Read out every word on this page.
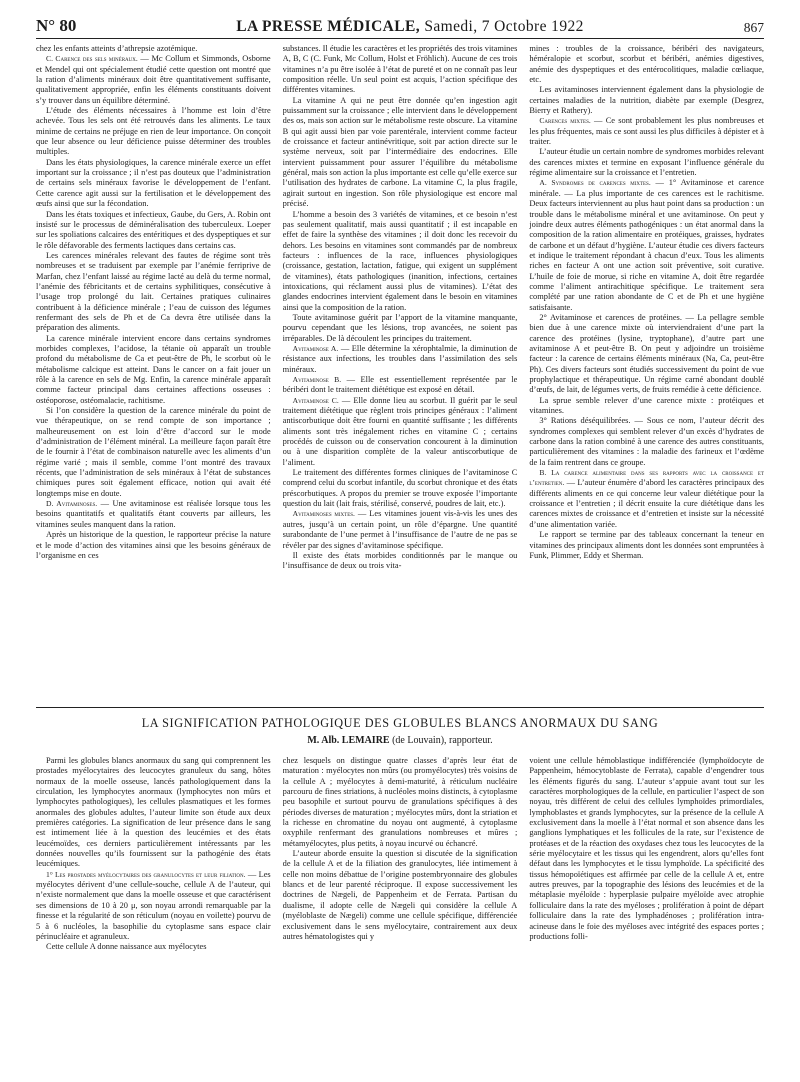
N° 80	LA PRESSE MÉDICALE, Samedi, 7 Octobre 1922	867

chez les enfants atteints d’athrepsie azotémique.

C. Carence des sels minéraux. — Mc Collum et Simmonds, Osborne et Mendel qui ont spécialement étudié cette question ont montré que la ration d’aliments minéraux doit être quantitativement suffisante, qualitativement appropriée, enfin les éléments constituants doivent s’y trouver dans un équilibre déterminé.

L’étude des éléments nécessaires à l’homme est loin d’être achevée. Tous les sels ont été retrouvés dans les aliments. Le taux minime de certains ne préjuge en rien de leur importance. On conçoit que leur absence ou leur déficience puisse déterminer des troubles multiples.

Dans les états physiologiques, la carence minérale exerce un effet important sur la croissance ; il n’est pas douteux que l’administration de certains sels minéraux favorise le développement de l’enfant. Cette carence agit aussi sur la fertilisation et le développement des œufs ainsi que sur la fécondation.

Dans les états toxiques et infectieux, Gaube, du Gers, A. Robin ont insisté sur le processus de déminéralisation des tuberculeux. Loeper sur les spoliations calcaires des entéritiques et des dyspeptiques et sur le rôle défavorable des ferments lactiques dans certains cas.

Les carences minérales relevant des fautes de régime sont très nombreuses et se traduisent par exemple par l’anémie ferriprive de Marfan, chez l’enfant laissé au régime lacté au delà du terme normal, l’anémie des fébricitants et de certains syphilitiques, consécutive à l’usage trop prolongé du lait. Certaines pratiques culinaires contribuent à la déficience minérale ; l’eau de cuisson des légumes renfermant des sels de Ph et de Ca devra être utilisée dans la préparation des aliments.

La carence minérale intervient encore dans certains syndromes morbides complexes, l’acidose, la tétanie où apparaît un trouble profond du métabolisme de Ca et peut-être de Ph, le scorbut où le métabolisme calcique est atteint. Dans le cancer on a fait jouer un rôle à la carence en sels de Mg. Enfin, la carence minérale apparaît comme facteur principal dans certaines affections osseuses : ostéoporose, ostéomalacie, rachitisme.

Si l’on considère la question de la carence minérale du point de vue thérapeutique, on se rend compte de son importance ; malheureusement on est loin d’être d’accord sur le mode d’administration de l’élément minéral. La meilleure façon paraît être de le fournir à l’état de combinaison naturelle avec les aliments d’un régime varié ; mais il semble, comme l’ont montré des travaux récents, que l’administration de sels minéraux à l’état de substances chimiques pures soit également efficace, notion qui avait été longtemps mise en doute.

D. Avitaminoses. — Une avitaminose est réalisée lorsque tous les besoins quantitatifs et qualitatifs étant couverts par ailleurs, les vitamines seules manquent dans la ration.

Après un historique de la question, le rapporteur précise la nature et le mode d’action des vitamines ainsi que les besoins généraux de l’organisme en ces

substances. Il étudie les caractères et les propriétés des trois vitamines A, B, C (C. Funk, Mc Collum, Holst et Fröhlich). Aucune de ces trois vitamines n’a pu être isolée à l’état de pureté et on ne connaît pas leur composition réelle. Un seul point est acquis, l’action spécifique des différentes vitamines.

La vitamine A qui ne peut être donnée qu’en ingestion agit puissamment sur la croissance ; elle intervient dans le développement des os, mais son action sur le métabolisme reste obscure. La vitamine B qui agit aussi bien par voie parentérale, intervient comme facteur de croissance et facteur antinévritique, soit par action directe sur le système nerveux, soit par l’intermédiaire des endocrines. Elle intervient puissamment pour assurer l’équilibre du métabolisme général, mais son action la plus importante est celle qu’elle exerce sur l’utilisation des hydrates de carbone. La vitamine C, la plus fragile, agirait surtout en ingestion. Son rôle physiologique est encore mal précisé.

L’homme a besoin des 3 variétés de vitamines, et ce besoin n’est pas seulement qualitatif, mais aussi quantitatif ; il est incapable en effet de faire la synthèse des vitamines ; il doit donc les recevoir du dehors. Les besoins en vitamines sont commandés par de nombreux facteurs : influences de la race, influences physiologiques (croissance, gestation, lactation, fatigue, qui exigent un supplément de vitamines), états pathologiques (inanition, infections, certaines intoxications, qui réclament aussi plus de vitamines). L’état des glandes endocrines intervient également dans le besoin en vitamines ainsi que la composition de la ration.

Toute avitaminose guérit par l’apport de la vitamine manquante, pourvu cependant que les lésions, trop avancées, ne soient pas irréparables. De là découlent les principes du traitement.

Avitaminose A. — Elle détermine la xérophtalmie, la diminution de résistance aux infections, les troubles dans l’assimilation des sels minéraux.

Avitaminose B. — Elle est essentiellement représentée par le béribéri dont le traitement diététique est exposé en détail.

Avitaminose C. — Elle donne lieu au scorbut. Il guérit par le seul traitement diététique que règlent trois principes généraux : l’aliment antiscorbutique doit être fourni en quantité suffisante ; les différents aliments sont très inégalement riches en vitamine C ; certains procédés de cuisson ou de conservation concourent à la diminution ou à une disparition complète de la valeur antiscorbutique de l’aliment.

Le traitement des différentes formes cliniques de l’avitaminose C comprend celui du scorbut infantile, du scorbut chronique et des états préscorbutiques. A propos du premier se trouve exposée l’importante question du lait (lait frais, stérilisé, conservé, poudres de lait, etc.).

Avitaminoses mixtes. — Les vitamines jouent vis-à-vis les unes des autres, jusqu’à un certain point, un rôle d’épargne. Une quantité surabondante de l’une permet à l’insuffisance de l’autre de ne pas se révéler par des signes d’avitaminose spécifique.

Il existe des états morbides conditionnés par le manque ou l’insuffisance de deux ou trois vita-

mines : troubles de la croissance, béribéri des navigateurs, héméralopie et scorbut, scorbut et béribéri, anémies digestives, anémie des dyspeptiques et des entérocolitiques, maladie cœliaque, etc.

Les avitaminoses interviennent également dans la physiologie de certaines maladies de la nutrition, diabète par exemple (Desgrez, Bierry et Rathery).

Carences mixtes. — Ce sont probablement les plus nombreuses et les plus fréquentes, mais ce sont aussi les plus difficiles à dépister et à traiter.

L’auteur étudie un certain nombre de syndromes morbides relevant des carences mixtes et termine en exposant l’influence générale du régime alimentaire sur la croissance et l’entretien.

A. Syndromes de carences mixtes. — 1° Avitaminose et carence minérale. — La plus importante de ces carences est le rachitisme. Deux facteurs interviennent au plus haut point dans sa production : un trouble dans le métabolisme minéral et une avitaminose. On peut y joindre deux autres éléments pathogéniques : un état anormal dans la composition de la ration alimentaire en protéiques, graisses, hydrates de carbone et un défaut d’hygiène. L’auteur étudie ces divers facteurs et indique le traitement répondant à chacun d’eux. Tous les aliments riches en facteur A ont une action soit préventive, soit curative. L’huile de foie de morue, si riche en vitamine A, doit être regardée comme l’aliment antirachitique spécifique. Le traitement sera complété par une ration abondante de C et de Ph et une hygiène satisfaisante.

2° Avitaminose et carences de protéines. — La pellagre semble bien due à une carence mixte où interviendraient d’une part la carence des protéines (lysine, tryptophane), d’autre part une avitaminose A et peut-être B. On peut y adjoindre un troisième facteur : la carence de certains éléments minéraux (Na, Ca, peut-être Ph). Ces divers facteurs sont étudiés successivement du point de vue prophylactique et thérapeutique. Un régime carné abondant doublé d’œufs, de lait, de légumes verts, de fruits remédie à cette déficience.

La sprue semble relever d’une carence mixte : protéiques et vitamines.

3° Rations déséquilibrées. — Sous ce nom, l’auteur décrit des syndromes complexes qui semblent relever d’un excès d’hydrates de carbone dans la ration combiné à une carence des autres constituants, particulièrement des vitamines : la maladie des farineux et l’œdème de la faim rentrent dans ce groupe.

B. La carence alimentaire dans ses rapports avec la croissance et l’entretien. — L’auteur énumère d’abord les caractères principaux des différents aliments en ce qui concerne leur valeur diététique pour la croissance et l’entretien ; il décrit ensuite la cure diététique dans les carences mixtes de croissance et d’entretien et insiste sur la nécessité d’une alimentation variée.

Le rapport se termine par des tableaux concernant la teneur en vitamines des principaux aliments dont les données sont empruntées à Funk, Plimmer, Eddy et Sherman.

LA SIGNIFICATION PATHOLOGIQUE DES GLOBULES BLANCS ANORMAUX DU SANG
M. Alb. LEMAIRE (de Louvain), rapporteur.

Parmi les globules blancs anormaux du sang qui comprennent les prostades myélocytaires des leucocytes granuleux du sang, hôtes normaux de la moelle osseuse, lancés pathologiquement dans la circulation, les lymphocytes anormaux (lymphocytes non mûrs et lymphocytes pathologiques), les cellules plasmatiques et les formes anormales des globules adultes, l’auteur limite son étude aux deux premières catégories. La signification de leur présence dans le sang est intimement liée à la question des leucémies et des états leucémoïdes, ces derniers particulièrement intéressants par les données nouvelles qu’ils fournissent sur la pathogénie des états leucémiques.

1° Les prostades myélocytaires des granulocytes et leur filiation. — Les myélocytes dérivent d’une cellule-souche, cellule A de l’auteur, qui n’existe normalement que dans la moelle osseuse et que caractérisent ses dimensions de 10 à 20 μ, son noyau arrondi remarquable par la finesse et la régularité de son réticulum (noyau en voilette) pourvu de 5 à 6 nucléoles, la basophilie du cytoplasme sans espace clair périnucléaire et agranuleux.

Cette cellule A donne naissance aux myélocytes

chez lesquels on distingue quatre classes d’après leur état de maturation : myélocytes non mûrs (ou promyélocytes) très voisins de la cellule A ; myélocytes à demi-maturité, à réticulum nucléaire parcouru de fines striations, à nucléoles moins distincts, à cytoplasme peu basophile et surtout pourvu de granulations spécifiques à des périodes diverses de maturation ; myélocytes mûrs, dont la striation et la richesse en chromatine du noyau ont augmenté, à cytoplasme oxyphile renfermant des granulations nombreuses et mûres ; métamyélocytes, plus petits, à noyau incurvé ou échancré.

L’auteur aborde ensuite la question si discutée de la signification de la cellule A et de la filiation des granulocytes, liée intimement à celle non moins débattue de l’origine postembryonnaire des globules blancs et de leur parenté réciproque. Il expose successivement les doctrines de Nægeli, de Pappenheim et de Ferrata. Partisan du dualisme, il adopte celle de Nægeli qui considère la cellule A (myéloblaste de Nægeli) comme une cellule spécifique, différenciée exclusivement dans le sens myélocytaire, contrairement aux deux autres hématologistes qui y

voient une cellule hémoblastique indifférenciée (lymphoïdocyte de Pappenheim, hémocytoblaste de Ferrata), capable d’engendrer tous les éléments figurés du sang. L’auteur s’appuie avant tout sur les caractères morphologiques de la cellule, en particulier l’aspect de son noyau, très différent de celui des cellules lymphoïdes primordiales, lymphoblastes et grands lymphocytes, sur la présence de la cellule A exclusivement dans la moelle à l’état normal et son absence dans les ganglions lymphatiques et les follicules de la rate, sur l’existence de protéases et de la réaction des oxydases chez tous les leucocytes de la série myélocytaire et les tissus qui les engendrent, alors qu’elles font défaut dans les lymphocytes et le tissu lymphoïde. La spécificité des tissus hémopoïétiques est affirmée par celle de la cellule A et, entre autres preuves, par la topographie des lésions des leucémies et de la métaplasie myéloïde : hyperplasie pulpaire myéloïde avec atrophie folliculaire dans la rate des myéloses ; prolifération à point de départ folliculaire dans la rate des lymphadénoses ; prolifération intra-acineuse dans le foie des myéloses avec intégrité des espaces portes ; productions folli-
